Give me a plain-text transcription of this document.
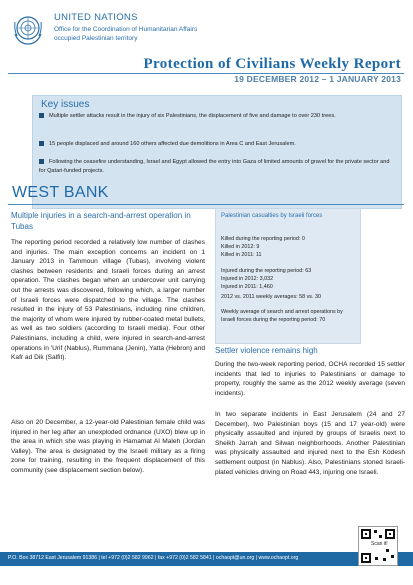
UNITED NATIONS
Office for the Coordination of Humanitarian Affairs
occupied Palestinian territory
Protection of Civilians Weekly Report
19 DECEMBER 2012 – 1 JANUARY 2013
Key issues
Multiple settler attacks result in the injury of six Palestinians, the displacement of five and damage to over 230 trees.
15 people displaced and around 160 others affected due demolitions in Area C and East Jerusalem.
Following the ceasefire understanding, Israel and Egypt allowed the entry into Gaza of limited amounts of gravel for the private sector and for Qatari-funded projects.
WEST BANK
Multiple injuries in a search-and-arrest operation in Tubas
The reporting period recorded a relatively low number of clashes and injuries. The main exception concerns an incident on 1 January 2013 in Tammoun village (Tubas), involving violent clashes between residents and Israeli forces during an arrest operation. The clashes began when an undercover unit carrying out the arrests was discovered, following which, a larger number of Israeli forces were dispatched to the village. The clashes resulted in the injury of 53 Palestinians, including nine children, the majority of whom were injured by rubber-coated metal bullets, as well as two soldiers (according to Israeli media). Four other Palestinians, including a child, were injured in search-and-arrest operations in 'Urif (Nablus), Rummana (Jenin), Yatta (Hebron) and Kafr ad Dik (Salfit).
Also on 20 December, a 12-year-old Palestinian female child was injured in her leg after an unexploded ordnance (UXO) blew up in the area in which she was playing in Hamamat Al Maleh (Jordan Valley). The area is designated by the Israeli military as a firing zone for training, resulting in the frequent displacement of this community (see displacement section below).
Palestinian casualties by Israeli forces
Killed during the reporting period: 0
Killed in 2012: 9
Killed in 2011: 11
Injured during the reporting period: 63
Injured in 2012: 3,032
Injured in 2011: 1,460
2012 vs. 2011 weekly averages: 58 vs. 30
Weekly average of search and arrest operations by
Israeli forces during the reporting period: 70
Settler violence remains high
During the two-week reporting period, OCHA recorded 15 settler incidents that led to injuries to Palestinians or damage to property, roughly the same as the 2012 weekly average (seven incidents).
In two separate incidents in East Jerusalem (24 and 27 December), two Palestinian boys (15 and 17 year-old) were physically assaulted and injured by groups of Israelis next to Sheikh Jarrah and Silwan neighborhoods. Another Palestinian was physically assaulted and injured next to the Esh Kodesh settlement outpost (in Nablus). Also, Palestinians stoned Israeli-plated vehicles driving on Road 443, injuring one Israeli.
P.O. Box 38712 East Jerusalem 91386 | tel +972 (0)2 582 9962 | fax +972 (0)2 582 5841 | ochaopt@un.org | www.ochaopt.org
Scan it!
